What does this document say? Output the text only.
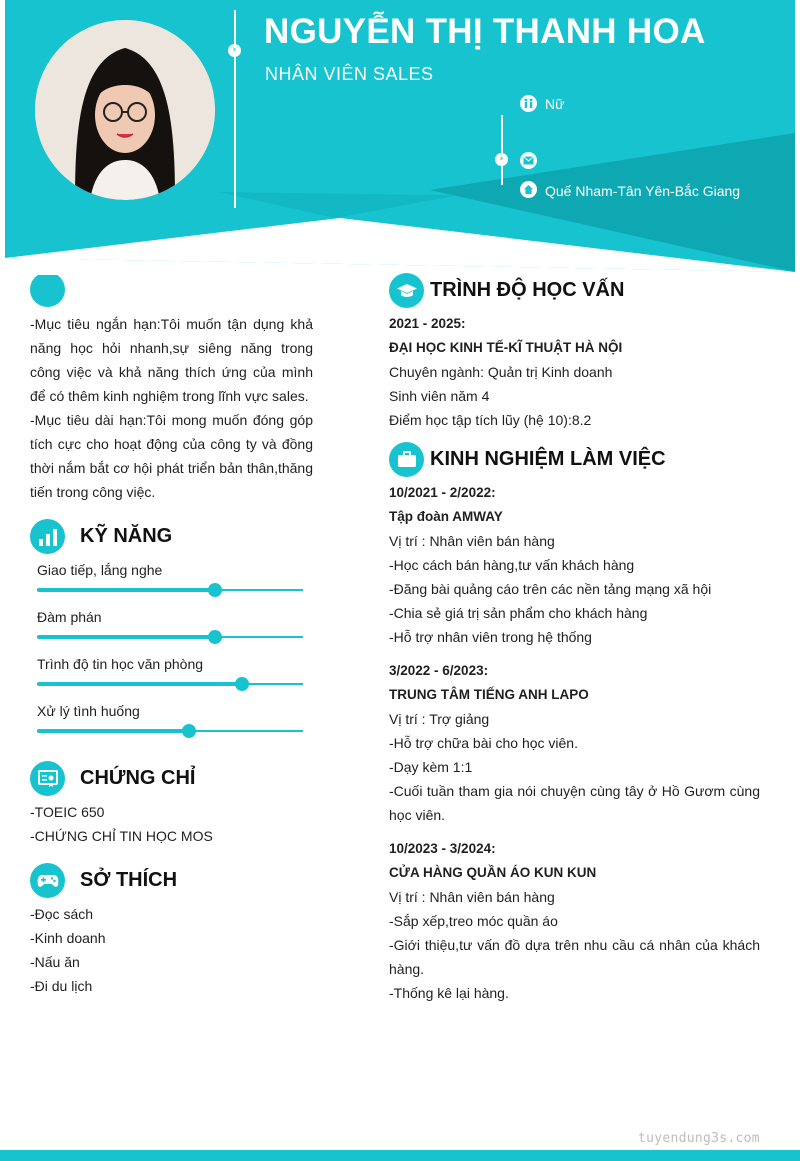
› NGUYỄN THỊ THANH HOA
NHÂN VIÊN SALES
›
Nữ
Quế Nham-Tân Yên-Bắc Giang
-Mục tiêu ngắn hạn:Tôi muốn tận dụng khả năng học hỏi nhanh,sự siêng năng trong công việc và khả năng thích ứng của mình để có thêm kinh nghiệm trong lĩnh vực sales.
-Mục tiêu dài hạn:Tôi mong muốn đóng góp tích cực cho hoạt động của công ty và đồng thời nắm bắt cơ hội phát triển bản thân,thăng tiến trong công việc.
KỸ NĂNG
Giao tiếp, lắng nghe
Đàm phán
Trình độ tin học văn phòng
Xử lý tình huống
CHỨNG CHỈ
-TOEIC 650
-CHỨNG CHỈ TIN HỌC MOS
SỞ THÍCH
-Đọc sách
-Kinh doanh
-Nấu ăn
-Đi du lịch
TRÌNH ĐỘ HỌC VẤN
2021 - 2025:
ĐẠI HỌC KINH TẾ-KĨ THUẬT HÀ NỘI
Chuyên ngành: Quản trị Kinh doanh
Sinh viên năm 4
Điểm học tập tích lũy (hệ 10):8.2
KINH NGHIỆM LÀM VIỆC
10/2021 - 2/2022:
Tập đoàn AMWAY
Vị trí : Nhân viên bán hàng
-Học cách bán hàng,tư vấn khách hàng
-Đăng bài quảng cáo trên các nền tảng mạng xã hội
-Chia sẻ giá trị sản phẩm cho khách hàng
-Hỗ trợ nhân viên trong hệ thống
3/2022 - 6/2023:
TRUNG TÂM TIẾNG ANH LAPO
Vị trí : Trợ giảng
-Hỗ trợ chữa bài cho học viên.
-Dạy kèm 1:1
-Cuối tuần tham gia nói chuyện cùng tây ở Hồ Gươm cùng học viên.
10/2023 - 3/2024:
CỬA HÀNG QUẦN ÁO KUN KUN
Vị trí : Nhân viên bán hàng
-Sắp xếp,treo móc quần áo
-Giới thiệu,tư vấn đồ dựa trên nhu cầu cá nhân của khách hàng.
-Thống kê lại hàng.
tuyendung3s.com
